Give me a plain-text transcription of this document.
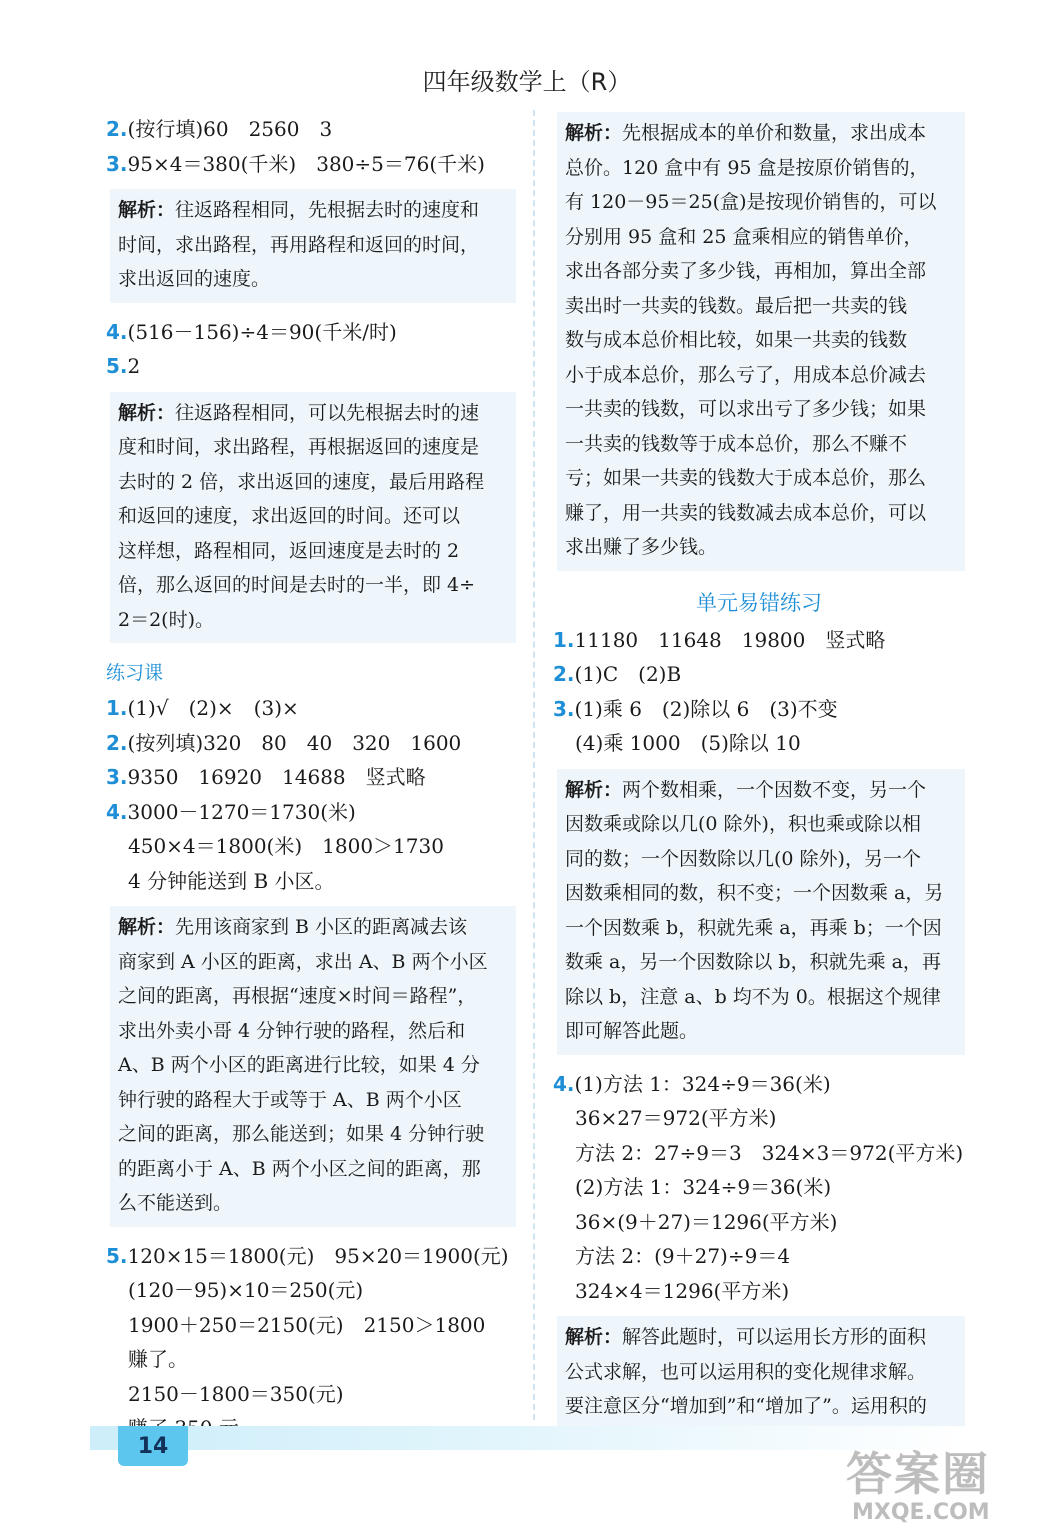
四年级数学上（R）
2.(按行填)60　2560　3
3.95×4＝380(千米)　380÷5＝76(千米)
解析：往返路程相同，先根据去时的速度和
时间，求出路程，再用路程和返回的时间，
求出返回的速度。
4.(516－156)÷4＝90(千米/时)
5.2
解析：往返路程相同，可以先根据去时的速
度和时间，求出路程，再根据返回的速度是
去时的 2 倍，求出返回的速度，最后用路程
和返回的速度，求出返回的时间。还可以
这样想，路程相同，返回速度是去时的 2
倍，那么返回的时间是去时的一半，即 4÷
2＝2(时)。
练习课
1.(1)√　(2)×　(3)×
2.(按列填)320　80　40　320　1600
3.9350　16920　14688　竖式略
4.3000－1270＝1730(米)
450×4＝1800(米)　1800＞1730
4 分钟能送到 B 小区。
解析：先用该商家到 B 小区的距离减去该
商家到 A 小区的距离，求出 A、B 两个小区
之间的距离，再根据“速度×时间＝路程”，
求出外卖小哥 4 分钟行驶的路程，然后和
A、B 两个小区的距离进行比较，如果 4 分
钟行驶的路程大于或等于 A、B 两个小区
之间的距离，那么能送到；如果 4 分钟行驶
的距离小于 A、B 两个小区之间的距离，那
么不能送到。
5.120×15＝1800(元)　95×20＝1900(元)
(120－95)×10＝250(元)
1900＋250＝2150(元)　2150＞1800
赚了。
2150－1800＝350(元)
解析：先根据成本的单价和数量，求出成本
总价。120 盒中有 95 盒是按原价销售的，
有 120－95＝25(盒)是按现价销售的，可以
分别用 95 盒和 25 盒乘相应的销售单价，
求出各部分卖了多少钱，再相加，算出全部
卖出时一共卖的钱数。最后把一共卖的钱
数与成本总价相比较，如果一共卖的钱数
小于成本总价，那么亏了，用成本总价减去
一共卖的钱数，可以求出亏了多少钱；如果
一共卖的钱数等于成本总价，那么不赚不
亏；如果一共卖的钱数大于成本总价，那么
赚了，用一共卖的钱数减去成本总价，可以
求出赚了多少钱。
单元易错练习
1.11180　11648　19800　竖式略
2.(1)C　(2)B
3.(1)乘 6　(2)除以 6　(3)不变
(4)乘 1000　(5)除以 10
解析：两个数相乘，一个因数不变，另一个
因数乘或除以几(0 除外)，积也乘或除以相
同的数；一个因数除以几(0 除外)，另一个
因数乘相同的数，积不变；一个因数乘 a，另
一个因数乘 b，积就先乘 a，再乘 b；一个因
数乘 a，另一个因数除以 b，积就先乘 a，再
除以 b，注意 a、b 均不为 0。根据这个规律
即可解答此题。
4.(1)方法 1：324÷9＝36(米)
36×27＝972(平方米)
方法 2：27÷9＝3　324×3＝972(平方米)
(2)方法 1：324÷9＝36(米)
36×(9＋27)＝1296(平方米)
方法 2：(9＋27)÷9＝4
324×4＝1296(平方米)
解析：解答此题时，可以运用长方形的面积
公式求解，也可以运用积的变化规律求解。
要注意区分“增加到”和“增加了”。运用积的
14
答案圈
MXQE.COM
